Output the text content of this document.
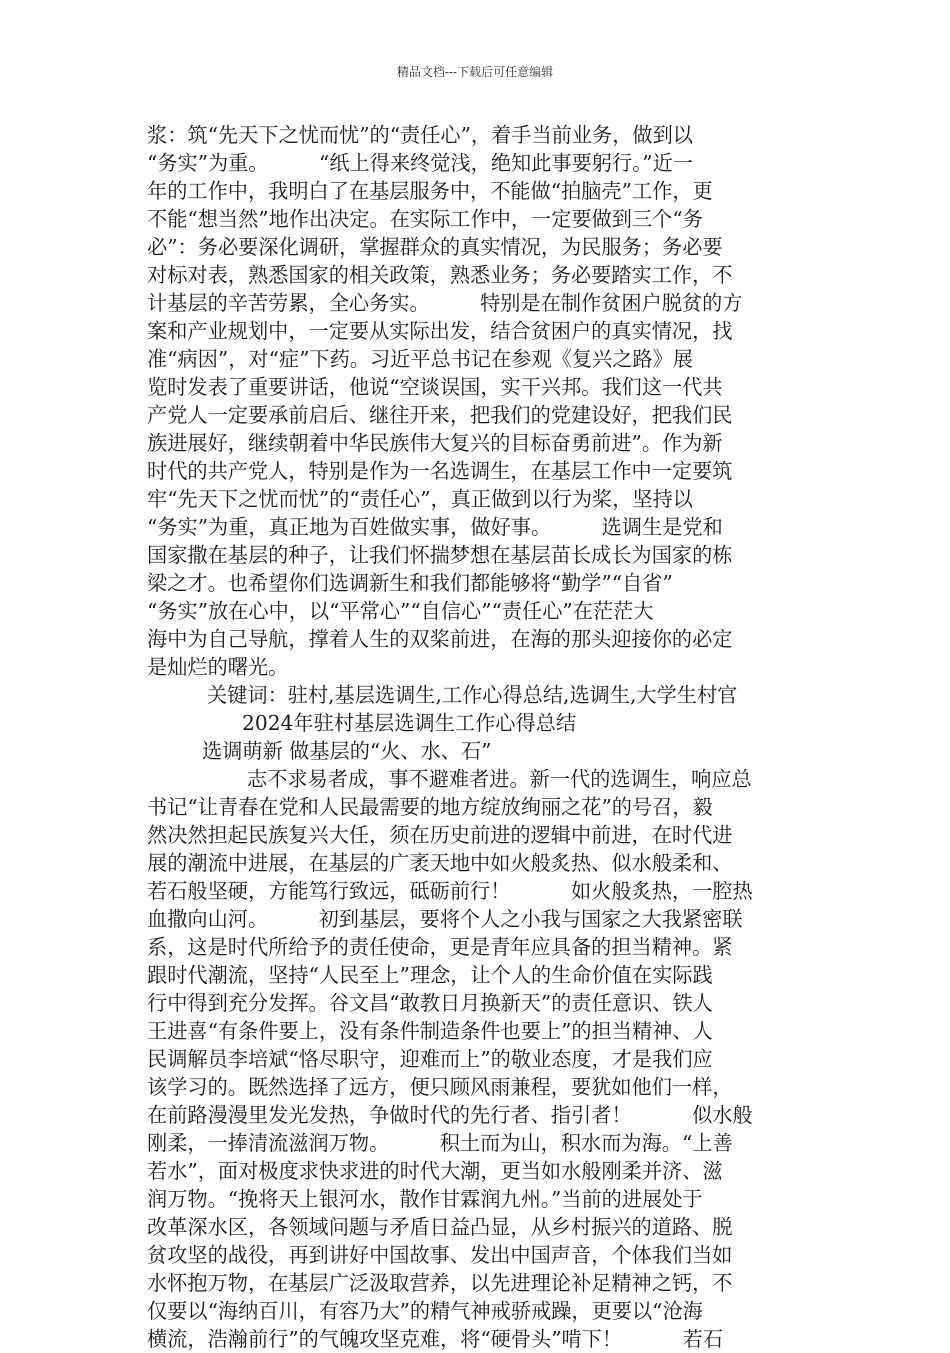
精品文档---下载后可任意编辑
浆：筑“先天下之忧而忧”的“责任心”，着手当前业务，做到以
“务实”为重。　　　“纸上得来终觉浅，绝知此事要躬行。”近一
年的工作中，我明白了在基层服务中，不能做“拍脑壳”工作，更
不能“想当然”地作出决定。在实际工作中，一定要做到三个“务
必”：务必要深化调研，掌握群众的真实情况，为民服务；务必要
对标对表，熟悉国家的相关政策，熟悉业务；务必要踏实工作，不
计基层的辛苦劳累，全心务实。　　　特别是在制作贫困户脱贫的方
案和产业规划中，一定要从实际出发，结合贫困户的真实情况，找
准“病因”，对“症”下药。习近平总书记在参观《复兴之路》展
览时发表了重要讲话，他说“空谈误国，实干兴邦。我们这一代共
产党人一定要承前启后、继往开来，把我们的党建设好，把我们民
族进展好，继续朝着中华民族伟大复兴的目标奋勇前进”。作为新
时代的共产党人，特别是作为一名选调生，在基层工作中一定要筑
牢“先天下之忧而忧”的“责任心”，真正做到以行为桨，坚持以
“务实”为重，真正地为百姓做实事，做好事。　　　选调生是党和
国家撒在基层的种子，让我们怀揣梦想在基层苗长成长为国家的栋
梁之才。也希望你们选调新生和我们都能够将“勤学”“自省”
“务实”放在心中，以“平常心”“自信心”“责任心”在茫茫大
海中为自己导航，撑着人生的双桨前进，在海的那头迎接你的必定
是灿烂的曙光。
关键词：驻村,基层选调生,工作心得总结,选调生,大学生村官
2024年驻村基层选调生工作心得总结
选调萌新 做基层的“火、水、石”
志不求易者成，事不避难者进。新一代的选调生，响应总
书记“让青春在党和人民最需要的地方绽放绚丽之花”的号召，毅
然决然担起民族复兴大任，须在历史前进的逻辑中前进，在时代进
展的潮流中进展，在基层的广袤天地中如火般炙热、似水般柔和、
若石般坚硬，方能笃行致远，砥砺前行！　　　如火般炙热，一腔热
血撒向山河。　　　初到基层，要将个人之小我与国家之大我紧密联
系，这是时代所给予的责任使命，更是青年应具备的担当精神。紧
跟时代潮流，坚持“人民至上”理念，让个人的生命价值在实际践
行中得到充分发挥。谷文昌“敢教日月换新天”的责任意识、铁人
王进喜“有条件要上，没有条件制造条件也要上”的担当精神、人
民调解员李培斌“恪尽职守，迎难而上”的敬业态度，才是我们应
该学习的。既然选择了远方，便只顾风雨兼程，要犹如他们一样，
在前路漫漫里发光发热，争做时代的先行者、指引者！　　　似水般
刚柔，一捧清流滋润万物。　　　积土而为山，积水而为海。“上善
若水”，面对极度求快求进的时代大潮，更当如水般刚柔并济、滋
润万物。“挽将天上银河水，散作甘霖润九州。”当前的进展处于
改革深水区，各领域问题与矛盾日益凸显，从乡村振兴的道路、脱
贫攻坚的战役，再到讲好中国故事、发出中国声音，个体我们当如
水怀抱万物，在基层广泛汲取营养，以先进理论补足精神之钙，不
仅要以“海纳百川，有容乃大”的精气神戒骄戒躁，更要以“沧海
横流，浩瀚前行”的气魄攻坚克难，将“硬骨头”啃下！　　　若石
